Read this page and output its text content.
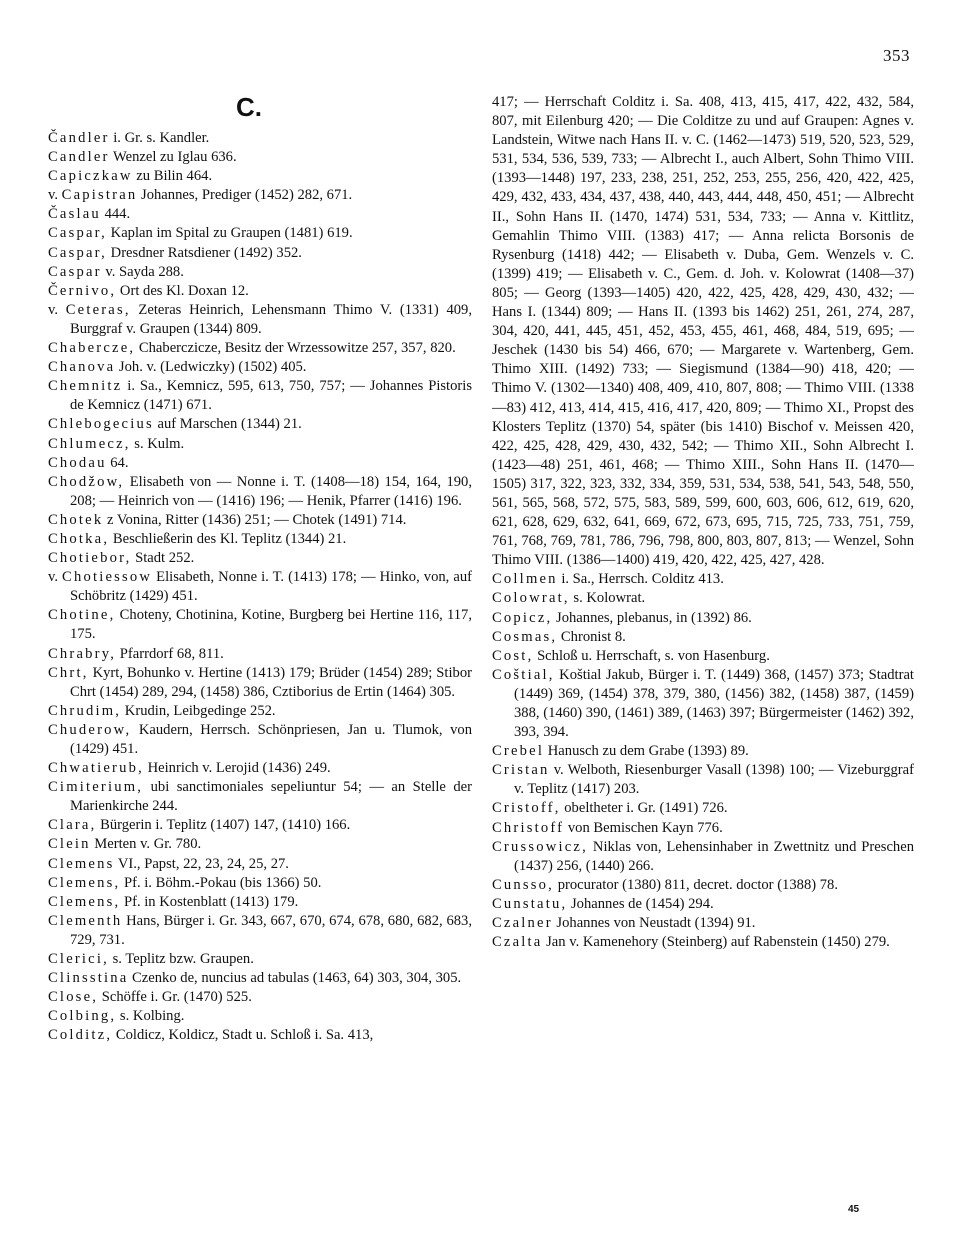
353
C.

Čandler i. Gr. s. Kandler.

Candler Wenzel zu Iglau 636.

Capiczkaw zu Bilin 464.

v. Capistran Johannes, Prediger (1452) 282, 671.

Časlau 444.

Caspar, Kaplan im Spital zu Graupen (1481) 619.

Caspar, Dresdner Ratsdiener (1492) 352.

Caspar v. Sayda 288.

Černivo, Ort des Kl. Doxan 12.

v. Ceteras, Zeteras Heinrich, Lehensmann Thimo V. (1331) 409, Burggraf v. Graupen (1344) 809.

Chabercze, Chaberczicze, Besitz der Wrzessowitze 257, 357, 820.

Chanova Joh. v. (Ledwiczky) (1502) 405.

Chemnitz i. Sa., Kemnicz, 595, 613, 750, 757; — Johannes Pistoris de Kemnicz (1471) 671.

Chlebogecius auf Marschen (1344) 21.

Chlumecz, s. Kulm.

Chodau 64.

Chodžow, Elisabeth von — Nonne i. T. (1408—18) 154, 164, 190, 208; — Heinrich von — (1416) 196; — Henik, Pfarrer (1416) 196.

Chotek z Vonina, Ritter (1436) 251; — Chotek (1491) 714.

Chotka, Beschließerin des Kl. Teplitz (1344) 21.

Chotiebor, Stadt 252.

v. Chotiessow Elisabeth, Nonne i. T. (1413) 178; — Hinko, von, auf Schöbritz (1429) 451.

Chotine, Choteny, Chotinina, Kotine, Burgberg bei Hertine 116, 117, 175.

Chrabry, Pfarrdorf 68, 811.

Chrt, Kyrt, Bohunko v. Hertine (1413) 179; Brüder (1454) 289; Stibor Chrt (1454) 289, 294, (1458) 386, Cztiborius de Ertin (1464) 305.

Chrudim, Krudin, Leibgedinge 252.

Chuderow, Kaudern, Herrsch. Schönpriesen, Jan u. Tlumok, von (1429) 451.

Chwatierub, Heinrich v. Lerojid (1436) 249.

Cimiterium, ubi sanctimoniales sepeliuntur 54; — an Stelle der Marienkirche 244.

Clara, Bürgerin i. Teplitz (1407) 147, (1410) 166.

Clein Merten v. Gr. 780.

Clemens VI., Papst, 22, 23, 24, 25, 27.

Clemens, Pf. i. Böhm.-Pokau (bis 1366) 50.

Clemens, Pf. in Kostenblatt (1413) 179.

Clementh Hans, Bürger i. Gr. 343, 667, 670, 674, 678, 680, 682, 683, 729, 731.

Clerici, s. Teplitz bzw. Graupen.

Clinsstina Czenko de, nuncius ad tabulas (1463, 64) 303, 304, 305.

Close, Schöffe i. Gr. (1470) 525.

Colbing, s. Kolbing.

Colditz, Coldicz, Koldicz, Stadt u. Schloß i. Sa. 413,

417; — Herrschaft Colditz i. Sa. 408, 413, 415, 417, 422, 432, 584, 807, mit Eilenburg 420; — Die Colditze zu und auf Graupen: Agnes v. Landstein, Witwe nach Hans II. v. C. (1462—1473) 519, 520, 523, 529, 531, 534, 536, 539, 733; — Albrecht I., auch Albert, Sohn Thimo VIII. (1393—1448) 197, 233, 238, 251, 252, 253, 255, 256, 420, 422, 425, 429, 432, 433, 434, 437, 438, 440, 443, 444, 448, 450, 451; — Albrecht II., Sohn Hans II. (1470, 1474) 531, 534, 733; — Anna v. Kittlitz, Gemahlin Thimo VIII. (1383) 417; — Anna relicta Borsonis de Rysenburg (1418) 442; — Elisabeth v. Duba, Gem. Wenzels v. C. (1399) 419; — Elisabeth v. C., Gem. d. Joh. v. Kolowrat (1408—37) 805; — Georg (1393—1405) 420, 422, 425, 428, 429, 430, 432; — Hans I. (1344) 809; — Hans II. (1393 bis 1462) 251, 261, 274, 287, 304, 420, 441, 445, 451, 452, 453, 455, 461, 468, 484, 519, 695; — Jeschek (1430 bis 54) 466, 670; — Margarete v. Wartenberg, Gem. Thimo XIII. (1492) 733; — Siegismund (1384—90) 418, 420; — Thimo V. (1302—1340) 408, 409, 410, 807, 808; — Thimo VIII. (1338—83) 412, 413, 414, 415, 416, 417, 420, 809; — Thimo XI., Propst des Klosters Teplitz (1370) 54, später (bis 1410) Bischof v. Meissen 420, 422, 425, 428, 429, 430, 432, 542; — Thimo XII., Sohn Albrecht I. (1423—48) 251, 461, 468; — Thimo XIII., Sohn Hans II. (1470—1505) 317, 322, 323, 332, 334, 359, 531, 534, 538, 541, 543, 548, 550, 561, 565, 568, 572, 575, 583, 589, 599, 600, 603, 606, 612, 619, 620, 621, 628, 629, 632, 641, 669, 672, 673, 695, 715, 725, 733, 751, 759, 761, 768, 769, 781, 786, 796, 798, 800, 803, 807, 813; — Wenzel, Sohn Thimo VIII. (1386—1400) 419, 420, 422, 425, 427, 428.

Collmen i. Sa., Herrsch. Colditz 413.

Colowrat, s. Kolowrat.

Copicz, Johannes, plebanus, in (1392) 86.

Cosmas, Chronist 8.

Cost, Schloß u. Herrschaft, s. von Hasenburg.

Coštial, Koštial Jakub, Bürger i. T. (1449) 368, (1457) 373; Stadtrat (1449) 369, (1454) 378, 379, 380, (1456) 382, (1458) 387, (1459) 388, (1460) 390, (1461) 389, (1463) 397; Bürgermeister (1462) 392, 393, 394.

Crebel Hanusch zu dem Grabe (1393) 89.

Cristan v. Welboth, Riesenburger Vasall (1398) 100; — Vizeburggraf v. Teplitz (1417) 203.

Cristoff, obeltheter i. Gr. (1491) 726.

Christoff von Bemischen Kayn 776.

Crussowicz, Niklas von, Lehensinhaber in Zwettnitz und Preschen (1437) 256, (1440) 266.

Cunsso, procurator (1380) 811, decret. doctor (1388) 78.

Cunstatu, Johannes de (1454) 294.

Czalner Johannes von Neustadt (1394) 91.

Czalta Jan v. Kamenehory (Steinberg) auf Rabenstein (1450) 279.

45
